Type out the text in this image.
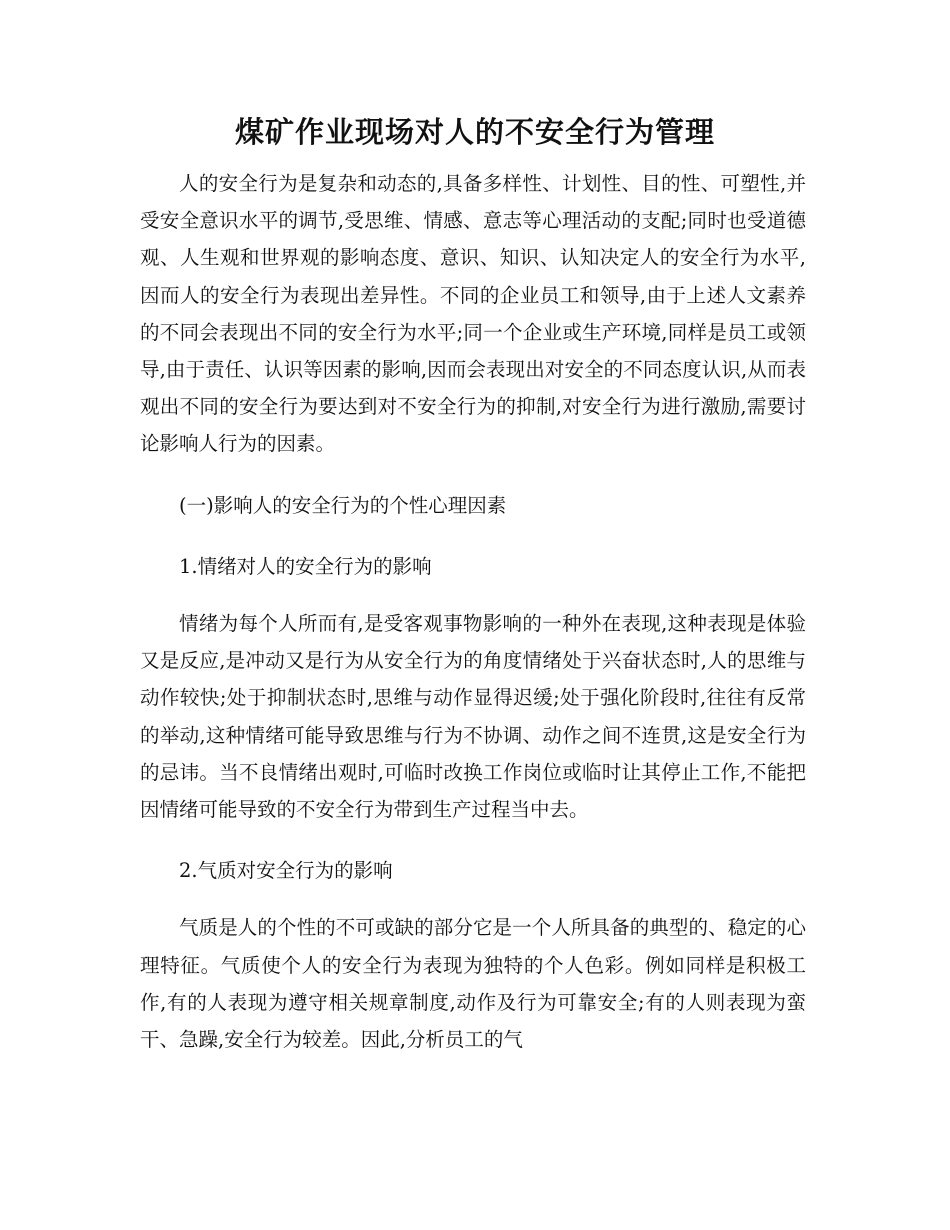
煤矿作业现场对人的不安全行为管理

人的安全行为是复杂和动态的,具备多样性、计划性、目的性、可塑性,并受安全意识水平的调节,受思维、情感、意志等心理活动的支配;同时也受道德观、人生观和世界观的影响态度、意识、知识、认知决定人的安全行为水平,因而人的安全行为表现出差异性。不同的企业员工和领导,由于上述人文素养的不同会表现出不同的安全行为水平;同一个企业或生产环境,同样是员工或领导,由于责任、认识等因素的影响,因而会表现出对安全的不同态度认识,从而表观出不同的安全行为要达到对不安全行为的抑制,对安全行为进行激励,需要讨论影响人行为的因素。

(一)影响人的安全行为的个性心理因素

1.情绪对人的安全行为的影响

情绪为每个人所而有,是受客观事物影响的一种外在表现,这种表现是体验又是反应,是冲动又是行为从安全行为的角度情绪处于兴奋状态时,人的思维与动作较快;处于抑制状态时,思维与动作显得迟缓;处于强化阶段时,往往有反常的举动,这种情绪可能导致思维与行为不协调、动作之间不连贯,这是安全行为的忌讳。当不良情绪出观时,可临时改换工作岗位或临时让其停止工作,不能把因情绪可能导致的不安全行为带到生产过程当中去。

2.气质对安全行为的影响

气质是人的个性的不可或缺的部分它是一个人所具备的典型的、稳定的心理特征。气质使个人的安全行为表现为独特的个人色彩。例如同样是积极工作,有的人表现为遵守相关规章制度,动作及行为可靠安全;有的人则表现为蛮干、急躁,安全行为较差。因此,分析员工的气
